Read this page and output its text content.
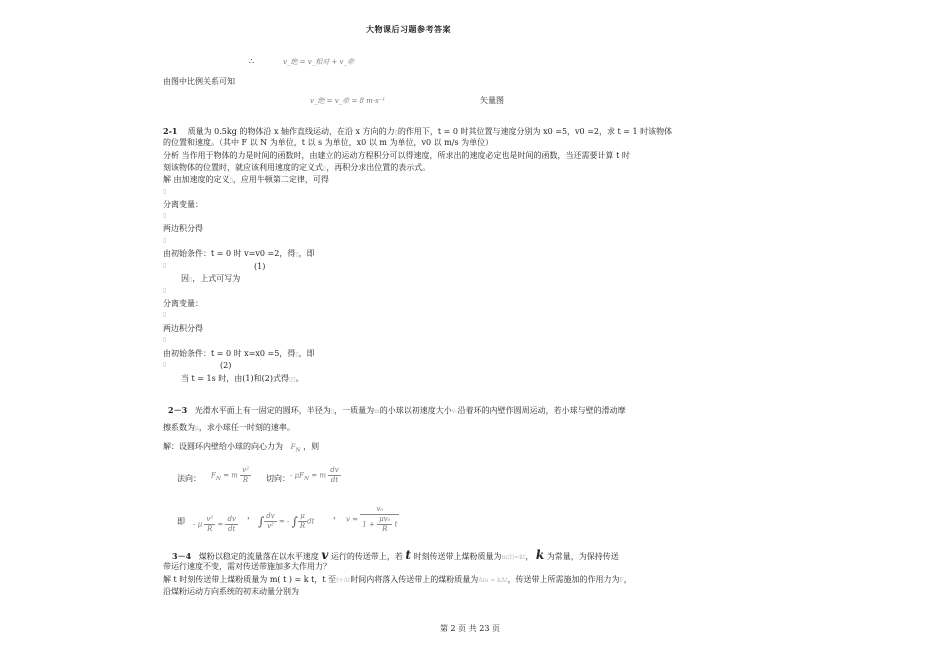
大物课后习题参考答案
∴	v_绝 = v_相对 + v_牵
由图中比例关系可知
v_绝 = v_牵 = 8 m·s⁻¹	矢量图
2-1 质量为 0.5kg 的物体沿 x 轴作直线运动，在沿 x 方向的力▯的作用下，t = 0 时其位置与速度分别为 x0 =5，v0 =2，求 t = 1 时该物体
的位置和速度。（其中 F 以 N 为单位，t 以 s 为单位，x0 以 m 为单位，v0 以 m/s 为单位）
分析 当作用于物体的力是时间的函数时，由建立的运动方程积分可以得速度，所求出的速度必定也是时间的函数，当还需要计算 t 时
刻该物体的位置时，就应该利用速度的定义式▯，再积分求出位置的表示式。
解 由加速度的定义▯，应用牛顿第二定律，可得
▯
分离变量：
▯
两边积分得
▯
由初始条件：t = 0 时 v=v0 =2，得▯，即
▯	(1)
因▯，上式可写为
▯
分离变量：
▯
两边积分得
▯
由初始条件：t = 0 时 x=x0 =5，得▯，即
▯	(2)
当 t = 1s 时，由(1)和(2)式得▯▯。
2－3 光滑水平面上有一固定的圆环，半径为▯，一质量为m的小球以初速度大小v₀沿着环的内壁作圆周运动，若小球与壁的滑动摩
擦系数为μ，求小球任一时刻的速率。
解：设圆环内壁给小球的向心力为 $F_N$ ，则
法向： $F_N = m \frac{\text{v²}}{R}$ 切向： - $\mu F_N = m \frac{dv}{dt}$
即 - μ $\frac{\text{v²}}{R} = \frac{dv}{dt}$ ， ∫ $\frac{dv}{\text{v²}}$ = - ∫ $\frac{\mu}{R}$ dt
， $v = \frac{\text{v₀}}{1 + \frac{\text{μv₀}}{R} t}$
3－4 煤粉以稳定的流量落在以水平速度 v 运行的传送带上，若 t 时刻传送带上煤粉质量为m(t)=kt， k 为常量，为保持传送
带运行速度不变，需对传送带施加多大作用力？
解 t 时刻传送带上煤粉质量为 m( t ) = k t，t 至t+Δt时间内将落入传送带上的煤粉质量为Δm = kΔt，传送带上所需施加的作用力为F，
沿煤粉运动方向系统的初末动量分别为
第 2 页 共 23 页
